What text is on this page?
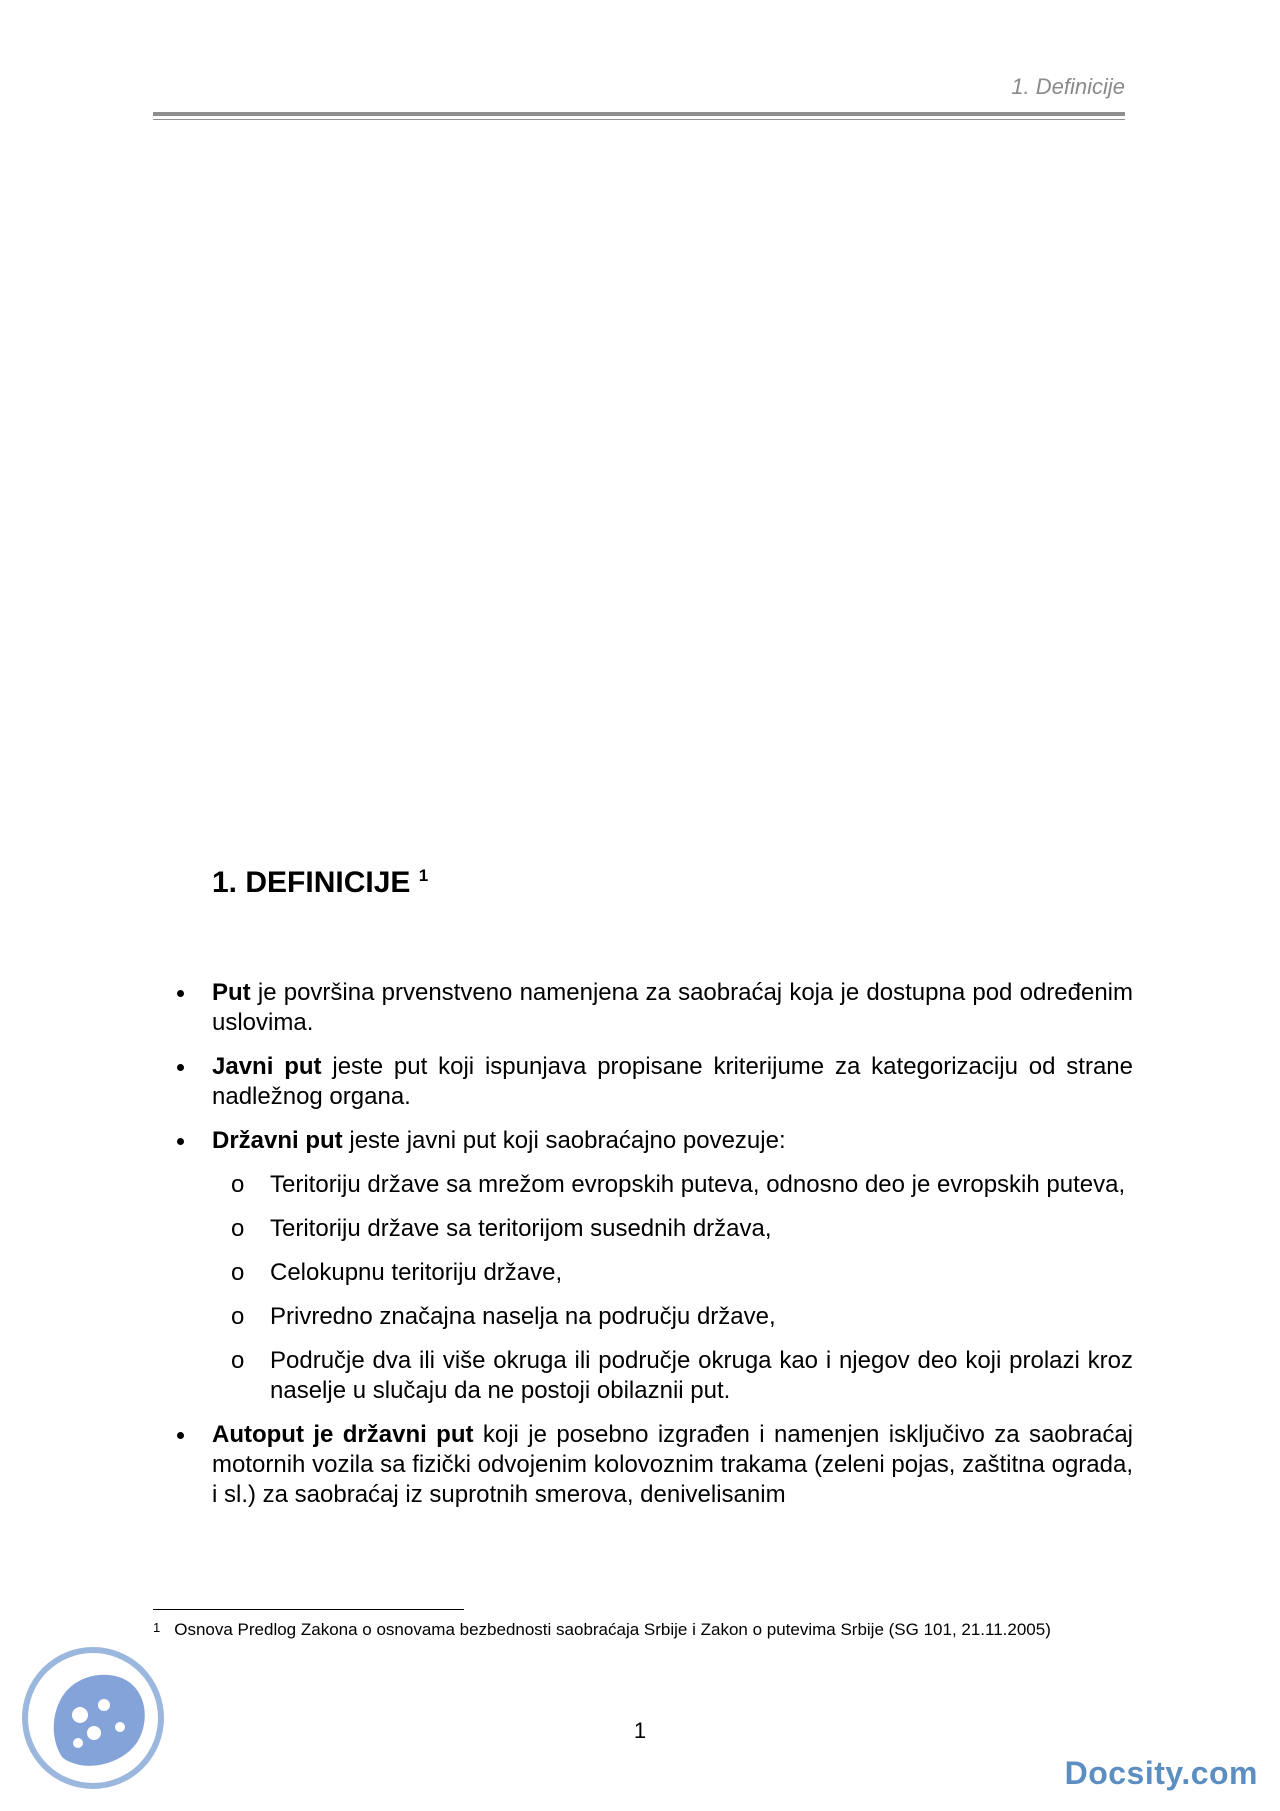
1. Definicije
1. DEFINICIJE $^1$
Put je površina prvenstveno namenjena za saobraćaj koja je dostupna pod određenim uslovima.
Javni put jeste put koji ispunjava propisane kriterijume za kategorizaciju od strane nadležnog organa.
Državni put jeste javni put koji saobraćajno povezuje:
o Teritoriju države sa mrežom evropskih puteva, odnosno deo je evropskih puteva,
o Teritoriju države sa teritorijom susednih država,
o Celokupnu teritoriju države,
o Privredno značajna naselja na području države,
o Područje dva ili više okruga ili područje okruga kao i njegov deo koji prolazi kroz naselje u slučaju da ne postoji obilaznii put.
Autoput je državni put koji je posebno izgrađen i namenjen isključivo za saobraćaj motornih vozila sa fizički odvojenim kolovoznim trakama (zeleni pojas, zaštitna ograda, i sl.) za saobraćaj iz suprotnih smerova, denivelisanim
$^1$ Osnova Predlog Zakona o osnovama bezbednosti saobraćaja Srbije i Zakon o putevima Srbije (SG 101, 21.11.2005)
1
Docsity.com
